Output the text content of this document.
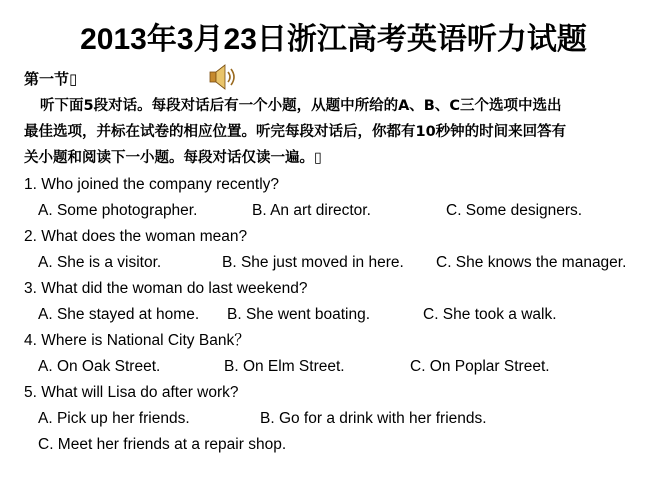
2013年3月23日浙江高考英语听力试题
第一节▯
听下面5段对话。每段对话后有一个小题，从题中所给的A、B、C三个选项中选出
最佳选项，并标在试卷的相应位置。听完每段对话后，你都有10秒钟的时间来回答有
关小题和阅读下一小题。每段对话仅读一遍。▯
1. Who joined the company recently?
A. Some photographer.	B. An art director.	C. Some designers.
2. What does the woman mean?
A. She is a visitor.	B. She just moved in here. C. She knows the manager.
3. What did the woman do last weekend?
A. She stayed at home. B. She went boating.	C. She took a walk.
4. Where is National City Bank？
A. On Oak Street.	B. On Elm Street.	C. On Poplar Street.
5. What will Lisa do after work?
A. Pick up her friends.	B. Go for a drink with her friends.
C. Meet her friends at a repair shop.
